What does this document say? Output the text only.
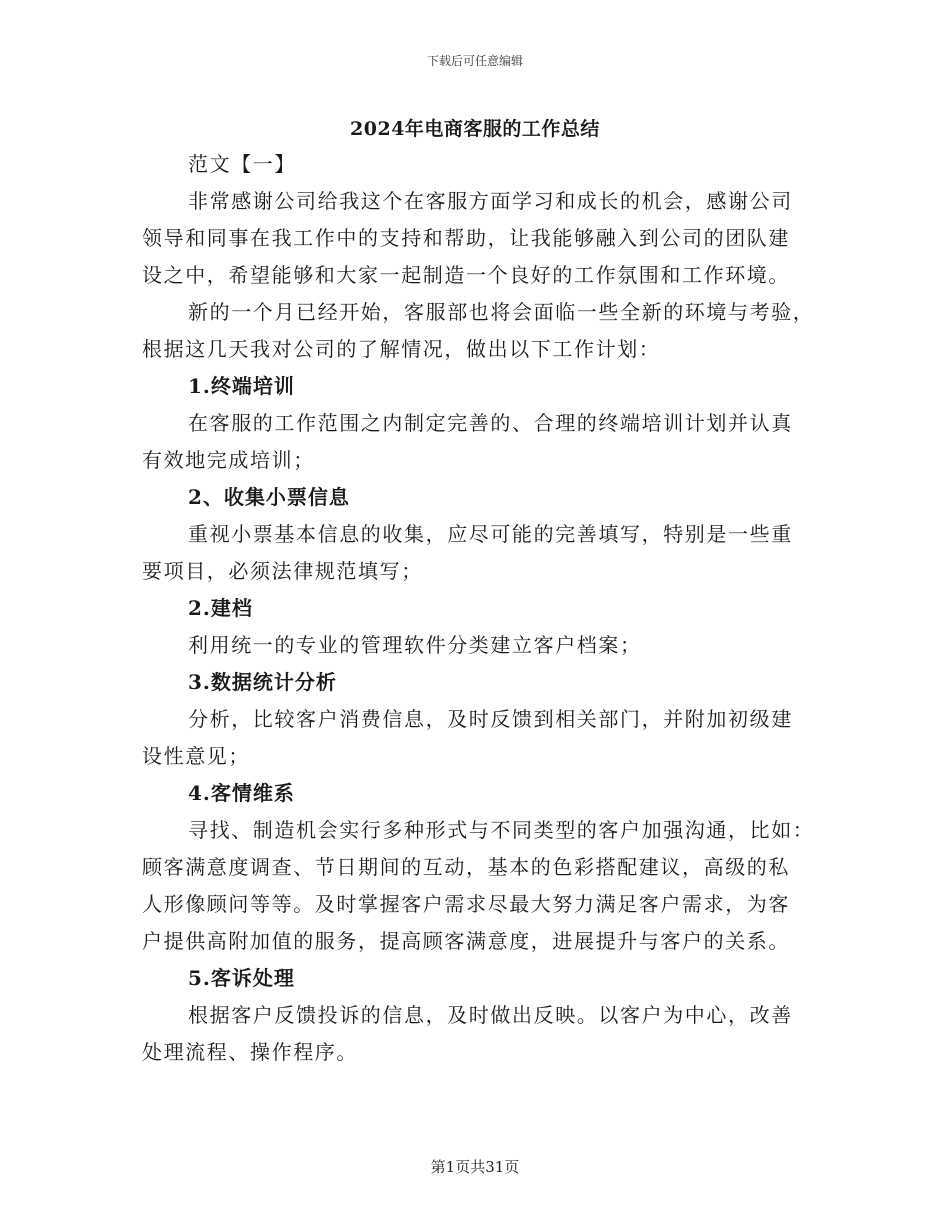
下载后可任意编辑
2024年电商客服的工作总结
范文【一】
非常感谢公司给我这个在客服方面学习和成长的机会，感谢公司
领导和同事在我工作中的支持和帮助，让我能够融入到公司的团队建
设之中，希望能够和大家一起制造一个良好的工作氛围和工作环境。
新的一个月已经开始，客服部也将会面临一些全新的环境与考验，
根据这几天我对公司的了解情况，做出以下工作计划：
1.终端培训
在客服的工作范围之内制定完善的、合理的终端培训计划并认真
有效地完成培训；
2、收集小票信息
重视小票基本信息的收集，应尽可能的完善填写，特别是一些重
要项目，必须法律规范填写；
2.建档
利用统一的专业的管理软件分类建立客户档案；
3.数据统计分析
分析，比较客户消费信息，及时反馈到相关部门，并附加初级建
设性意见；
4.客情维系
寻找、制造机会实行多种形式与不同类型的客户加强沟通，比如：
顾客满意度调查、节日期间的互动，基本的色彩搭配建议，高级的私
人形像顾问等等。及时掌握客户需求尽最大努力满足客户需求，为客
户提供高附加值的服务，提高顾客满意度，进展提升与客户的关系。
5.客诉处理
根据客户反馈投诉的信息，及时做出反映。以客户为中心，改善
处理流程、操作程序。
第1页共31页
